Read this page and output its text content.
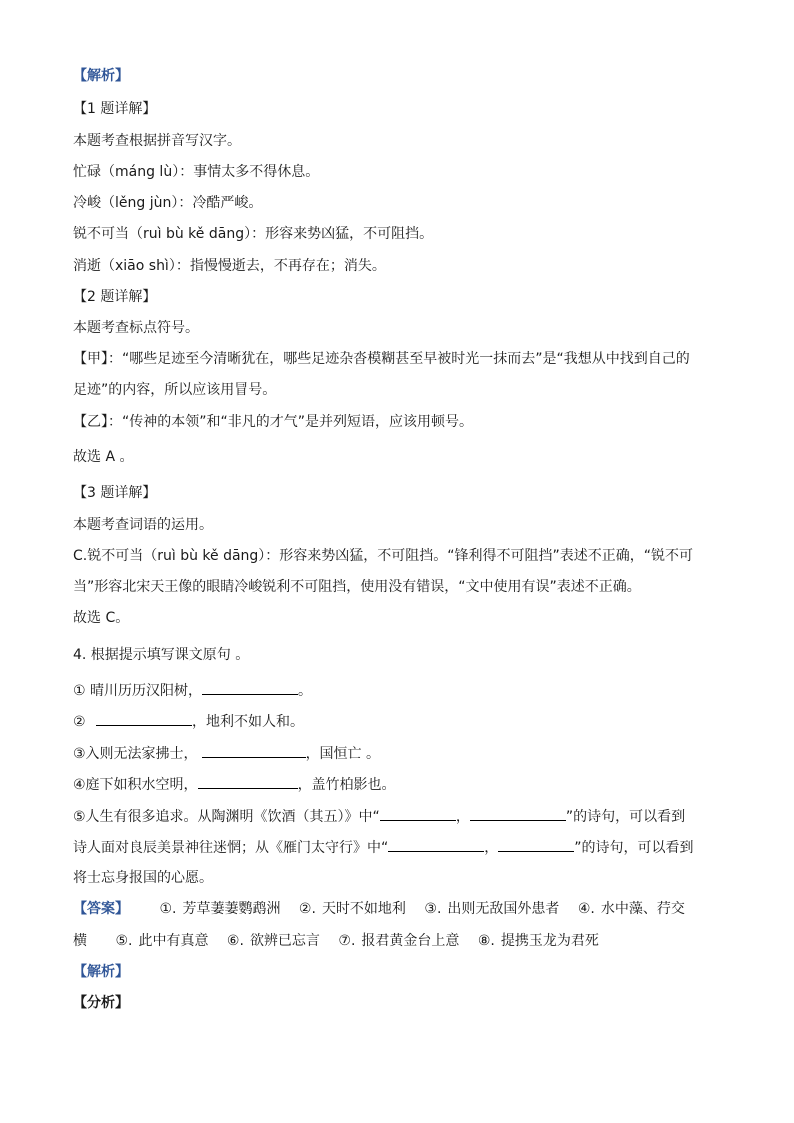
【解析】
【1 题详解】
本题考查根据拼音写汉字。
忙碌（máng lù）：事情太多不得休息。
冷峻（lěng jùn）：冷酷严峻。
锐不可当（ruì bù kě dāng）：形容来势凶猛，不可阻挡。
消逝（xiāo shì）：指慢慢逝去，不再存在；消失。
【2 题详解】
本题考查标点符号。
【甲】：“哪些足迹至今清晰犹在，哪些足迹杂沓模糊甚至早被时光一抹而去”是“我想从中找到自己的
足迹”的内容，所以应该用冒号。
【乙】：“传神的本领”和“非凡的才气”是并列短语，应该用顿号。
故选 A 。
【3 题详解】
本题考查词语的运用。
C.锐不可当（ruì bù kě dāng）：形容来势凶猛，不可阻挡。“锋利得不可阻挡”表述不正确，“锐不可
当”形容北宋天王像的眼睛冷峻锐利不可阻挡，使用没有错误，“文中使用有误”表述不正确。
故选 C。
4. 根据提示填写课文原句 。
① 晴川历历汉阳树，	。
②	，地利不如人和。
③入则无法家拂士，	，国恒亡 。
④庭下如积水空明，	，盖竹柏影也。
⑤人生有很多追求。从陶渊明《饮酒（其五）》中“	，	”的诗句，可以看到
诗人面对良辰美景神往迷惘；从《雁门太守行》中“	，	”的诗句，可以看到
将士忘身报国的心愿。
【答案】 ①. 芳草萋萋鹦鹉洲 ②. 天时不如地利 ③. 出则无敌国外患者 ④. 水中藻、荇交
横 ⑤. 此中有真意 ⑥. 欲辨已忘言 ⑦. 报君黄金台上意 ⑧. 提携玉龙为君死
【解析】
【分析】
